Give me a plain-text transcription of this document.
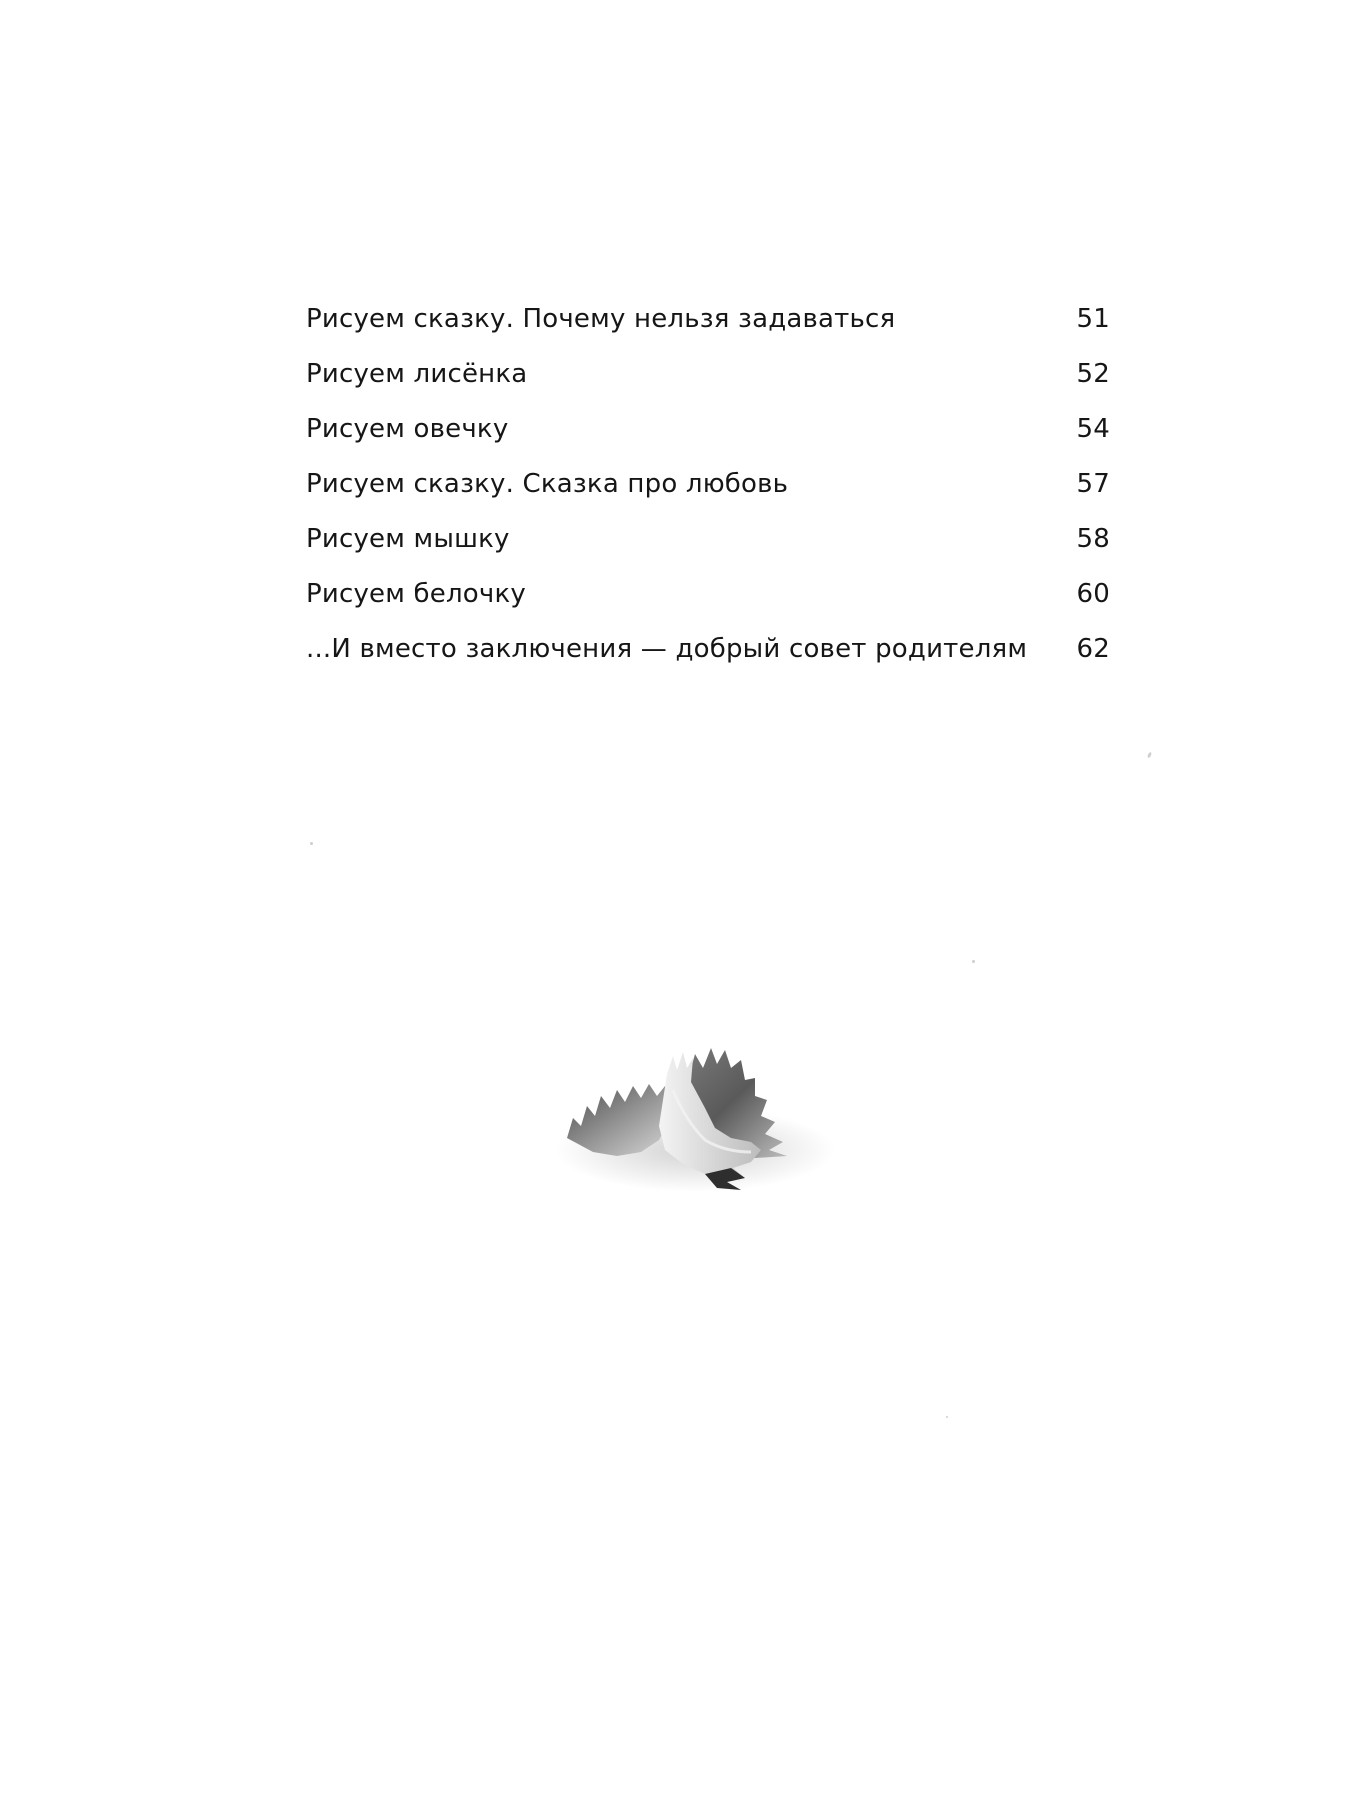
Рисуем сказку. Почему нельзя задаваться	51
Рисуем лисёнка	52
Рисуем овечку	54
Рисуем сказку. Сказка про любовь	57
Рисуем мышку	58
Рисуем белочку	60
...И вместо заключения — добрый совет родителям	62
